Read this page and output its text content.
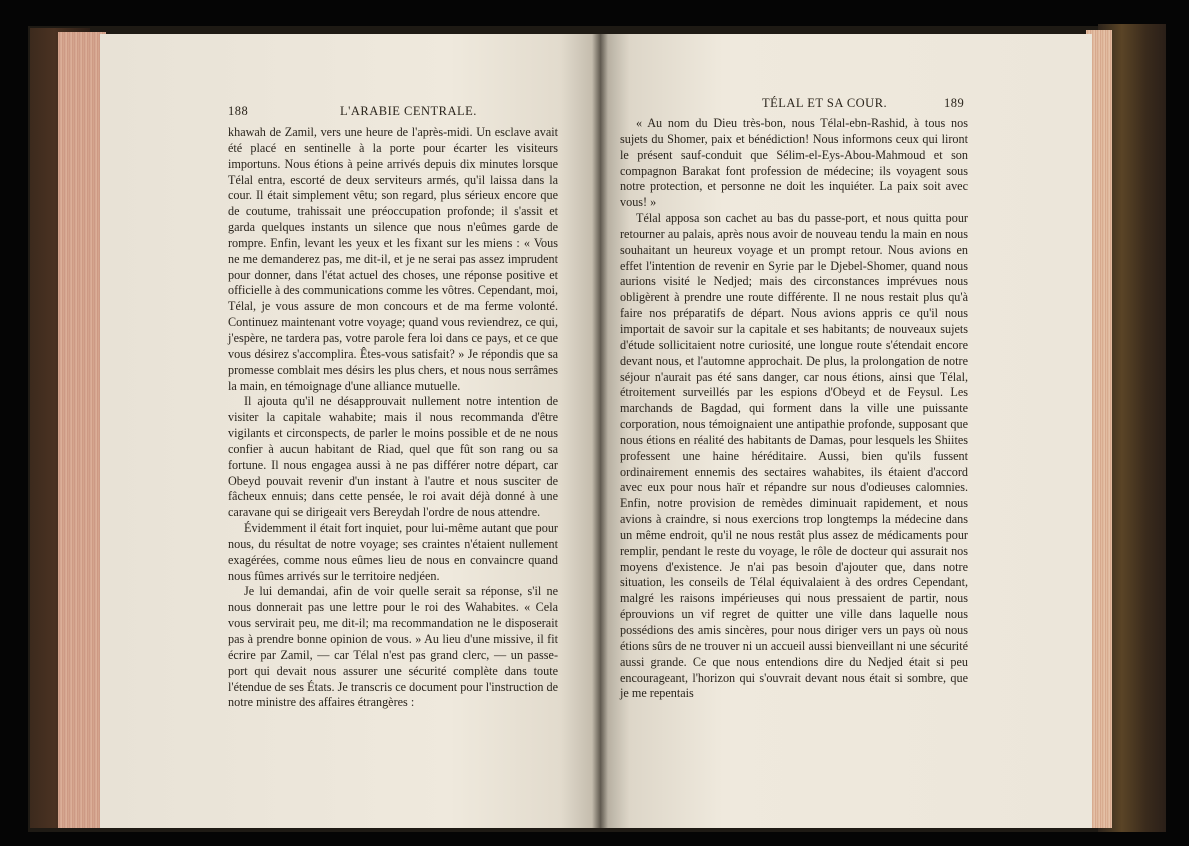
188	L'ARABIE CENTRALE.

khawah de Zamil, vers une heure de l'après-midi. Un esclave avait été placé en sentinelle à la porte pour écarter les visiteurs importuns. Nous étions à peine arrivés depuis dix minutes lorsque Télal entra, escorté de deux serviteurs armés, qu'il laissa dans la cour. Il était simplement vêtu; son regard, plus sérieux encore que de coutume, trahissait une préoccupation profonde; il s'assit et garda quelques instants un silence que nous n'eûmes garde de rompre. Enfin, levant les yeux et les fixant sur les miens : « Vous ne me demanderez pas, me dit-il, et je ne serai pas assez imprudent pour donner, dans l'état actuel des choses, une réponse positive et officielle à des communications comme les vôtres. Cependant, moi, Télal, je vous assure de mon concours et de ma ferme volonté. Continuez maintenant votre voyage; quand vous reviendrez, ce qui, j'espère, ne tardera pas, votre parole fera loi dans ce pays, et ce que vous désirez s'accomplira. Êtes-vous satisfait? » Je répondis que sa promesse comblait mes désirs les plus chers, et nous nous serrâmes la main, en témoignage d'une alliance mutuelle.

Il ajouta qu'il ne désapprouvait nullement notre intention de visiter la capitale wahabite; mais il nous recommanda d'être vigilants et circonspects, de parler le moins possible et de ne nous confier à aucun habitant de Riad, quel que fût son rang ou sa fortune. Il nous engagea aussi à ne pas différer notre départ, car Obeyd pouvait revenir d'un instant à l'autre et nous susciter de fâcheux ennuis; dans cette pensée, le roi avait déjà donné à une caravane qui se dirigeait vers Bereydah l'ordre de nous attendre.

Évidemment il était fort inquiet, pour lui-même autant que pour nous, du résultat de notre voyage; ses craintes n'étaient nullement exagérées, comme nous eûmes lieu de nous en convaincre quand nous fûmes arrivés sur le territoire nedjéen.

Je lui demandai, afin de voir quelle serait sa réponse, s'il ne nous donnerait pas une lettre pour le roi des Wahabites. « Cela vous servirait peu, me dit-il; ma recommandation ne le disposerait pas à prendre bonne opinion de vous. » Au lieu d'une missive, il fit écrire par Zamil, — car Télal n'est pas grand clerc, — un passe-port qui devait nous assurer une sécurité complète dans toute l'étendue de ses États. Je transcris ce document pour l'instruction de notre ministre des affaires étrangères :

TÉLAL ET SA COUR.	189

« Au nom du Dieu très-bon, nous Télal-ebn-Rashid, à tous nos sujets du Shomer, paix et bénédiction! Nous informons ceux qui liront le présent sauf-conduit que Sélim-el-Eys-Abou-Mahmoud et son compagnon Barakat font profession de médecine; ils voyagent sous notre protection, et personne ne doit les inquiéter. La paix soit avec vous! »

Télal apposa son cachet au bas du passe-port, et nous quitta pour retourner au palais, après nous avoir de nouveau tendu la main en nous souhaitant un heureux voyage et un prompt retour. Nous avions en effet l'intention de revenir en Syrie par le Djebel-Shomer, quand nous aurions visité le Nedjed; mais des circonstances imprévues nous obligèrent à prendre une route différente. Il ne nous restait plus qu'à faire nos préparatifs de départ. Nous avions appris ce qu'il nous importait de savoir sur la capitale et ses habitants; de nouveaux sujets d'étude sollicitaient notre curiosité, une longue route s'étendait encore devant nous, et l'automne approchait. De plus, la prolongation de notre séjour n'aurait pas été sans danger, car nous étions, ainsi que Télal, étroitement surveillés par les espions d'Obeyd et de Feysul. Les marchands de Bagdad, qui forment dans la ville une puissante corporation, nous témoignaient une antipathie profonde, supposant que nous étions en réalité des habitants de Damas, pour lesquels les Shiites professent une haine héréditaire. Aussi, bien qu'ils fussent ordinairement ennemis des sectaires wahabites, ils étaient d'accord avec eux pour nous haïr et répandre sur nous d'odieuses calomnies. Enfin, notre provision de remèdes diminuait rapidement, et nous avions à craindre, si nous exercions trop longtemps la médecine dans un même endroit, qu'il ne nous restât plus assez de médicaments pour remplir, pendant le reste du voyage, le rôle de docteur qui assurait nos moyens d'existence. Je n'ai pas besoin d'ajouter que, dans notre situation, les conseils de Télal équivalaient à des ordres Cependant, malgré les raisons impérieuses qui nous pressaient de partir, nous éprouvions un vif regret de quitter une ville dans laquelle nous possédions des amis sincères, pour nous diriger vers un pays où nous étions sûrs de ne trouver ni un accueil aussi bienveillant ni une sécurité aussi grande. Ce que nous entendions dire du Nedjed était si peu encourageant, l'horizon qui s'ouvrait devant nous était si sombre, que je me repentais
